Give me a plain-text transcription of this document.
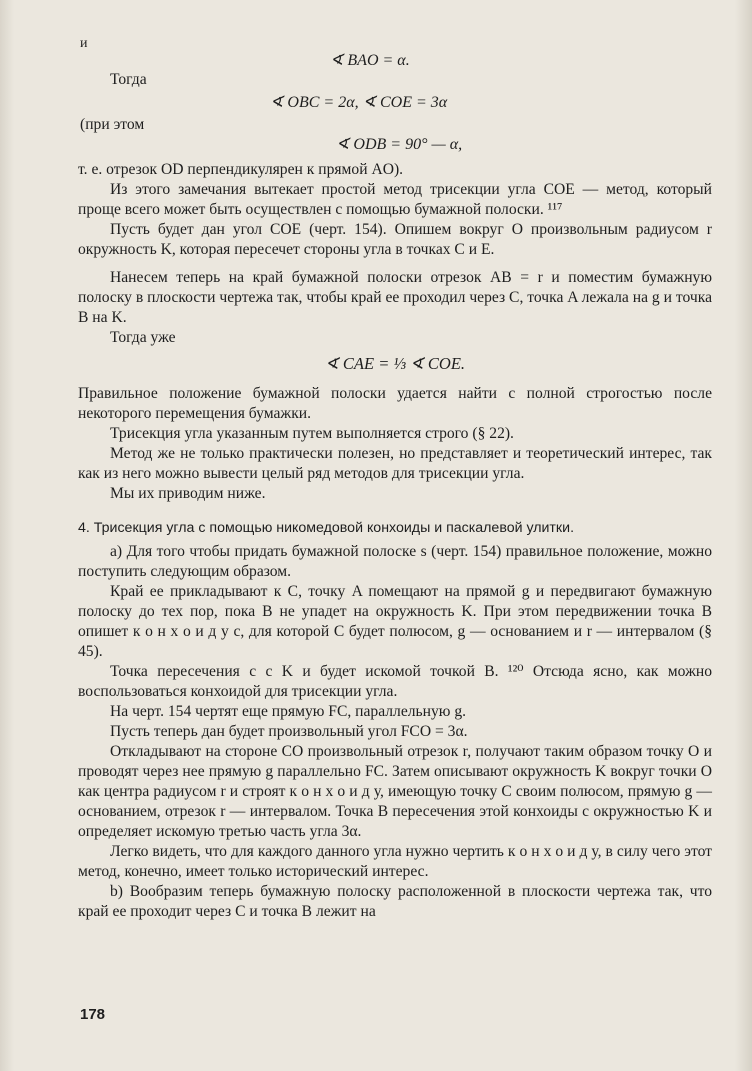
и
∢ BAO = α.
Тогда
∢ OBC = 2α, ∢ COE = 3α
(при этом
∢ ODB = 90° — α,

т. е. отрезок OD перпендикулярен к прямой AO).

Из этого замечания вытекает простой метод трисекции угла COE — метод, который проще всего может быть осуществлен с помощью бумажной полоски. ¹¹⁷

Пусть будет дан угол COE (черт. 154). Опишем вокруг O произвольным радиусом r окружность K, которая пересечет стороны угла в точках C и E.

Нанесем теперь на край бумажной полоски отрезок AB = r и поместим бумажную полоску в плоскости чертежа так, чтобы край ее проходил через C, точка A лежала на g и точка B на K.

Тогда уже

∢ CAE = ⅓ ∢ COE.

Правильное положение бумажной полоски удается найти с полной строгостью после некоторого перемещения бумажки.

Трисекция угла указанным путем выполняется строго (§ 22).

Метод же не только практически полезен, но представляет и теоретический интерес, так как из него можно вывести целый ряд методов для трисекции угла.

Мы их приводим ниже.

4. Трисекция угла с помощью никомедовой конхоиды и паскалевой улитки.

а) Для того чтобы придать бумажной полоске s (черт. 154) правильное положение, можно поступить следующим образом.

Край ее прикладывают к C, точку A помещают на прямой g и передвигают бумажную полоску до тех пор, пока B не упадет на окружность K. При этом передвижении точка B опишет к о н х о и д у c, для которой C будет полюсом, g — основанием и r — интервалом (§ 45).

Точка пересечения c с K и будет искомой точкой B. ¹²⁰ Отсюда ясно, как можно воспользоваться конхоидой для трисекции угла.

На черт. 154 чертят еще прямую FC, параллельную g.

Пусть теперь дан будет произвольный угол FCO = 3α.

Откладывают на стороне CO произвольный отрезок r, получают таким образом точку O и проводят через нее прямую g параллельно FC. Затем описывают окружность K вокруг точки O как центра радиусом r и строят к о н х о и д у, имеющую точку C своим полюсом, прямую g — основанием, отрезок r — интервалом. Точка B пересечения этой конхоиды с окружностью K и определяет искомую третью часть угла 3α.

Легко видеть, что для каждого данного угла нужно чертить к о н х о и д у, в силу чего этот метод, конечно, имеет только исторический интерес.

b) Вообразим теперь бумажную полоску расположенной в плоскости чертежа так, что край ее проходит через C и точка B лежит на

178
